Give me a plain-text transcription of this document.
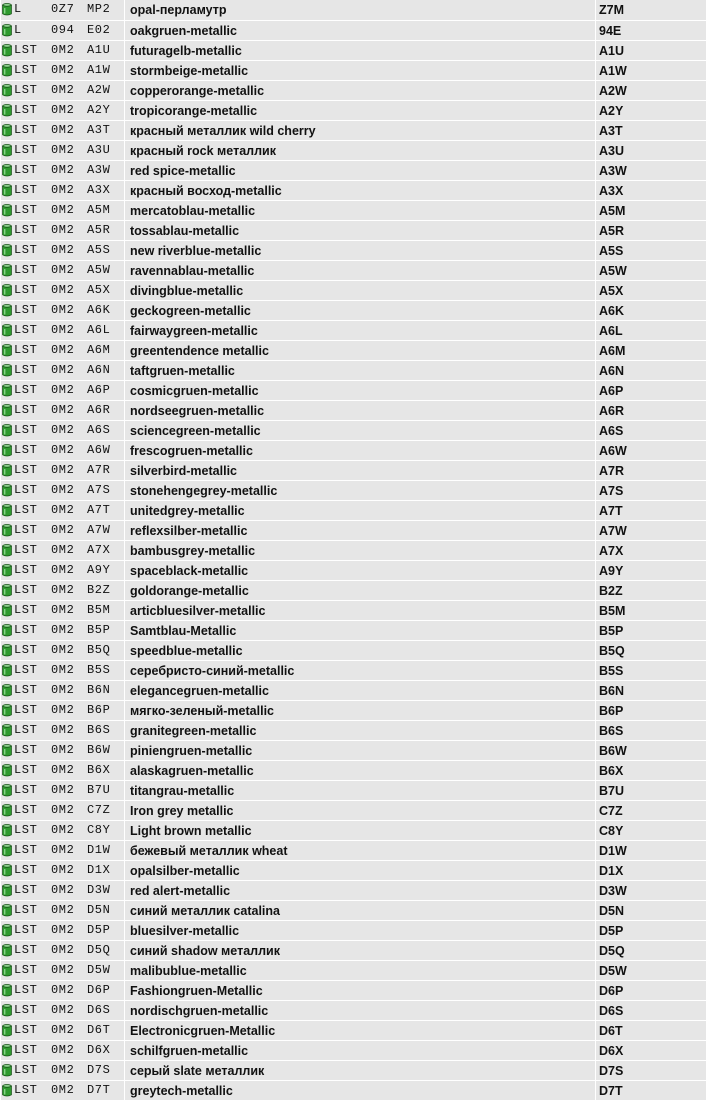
L 0Z7 MP2	opal-перламутр	Z7M

L 094 E02	oakgruen-metallic	94E

LST 0M2 A1U	futuragelb-metallic	A1U

LST 0M2 A1W	stormbeige-metallic	A1W

LST 0M2 A2W	copperorange-metallic	A2W

LST 0M2 A2Y	tropicorange-metallic	A2Y

LST 0M2 A3T	красный металлик wild cherry	A3T

LST 0M2 A3U	красный rock металлик	A3U

LST 0M2 A3W	red spice-metallic	A3W

LST 0M2 A3X	красный восход-metallic	A3X

LST 0M2 A5M	mercatoblau-metallic	A5M

LST 0M2 A5R	tossablau-metallic	A5R

LST 0M2 A5S	new riverblue-metallic	A5S

LST 0M2 A5W	ravennablau-metallic	A5W

LST 0M2 A5X	divingblue-metallic	A5X

LST 0M2 A6K	geckogreen-metallic	A6K

LST 0M2 A6L	fairwaygreen-metallic	A6L

LST 0M2 A6M	greentendence metallic	A6M

LST 0M2 A6N	taftgruen-metallic	A6N

LST 0M2 A6P	cosmicgruen-metallic	A6P

LST 0M2 A6R	nordseegruen-metallic	A6R

LST 0M2 A6S	sciencegreen-metallic	A6S

LST 0M2 A6W	frescogruen-metallic	A6W

LST 0M2 A7R	silverbird-metallic	A7R

LST 0M2 A7S	stonehengegrey-metallic	A7S

LST 0M2 A7T	unitedgrey-metallic	A7T

LST 0M2 A7W	reflexsilber-metallic	A7W

LST 0M2 A7X	bambusgrey-metallic	A7X

LST 0M2 A9Y	spaceblack-metallic	A9Y

LST 0M2 B2Z	goldorange-metallic	B2Z

LST 0M2 B5M	articbluesilver-metallic	B5M

LST 0M2 B5P	Samtblau-Metallic	B5P

LST 0M2 B5Q	speedblue-metallic	B5Q

LST 0M2 B5S	серебристо-синий-metallic	B5S

LST 0M2 B6N	elegancegruen-metallic	B6N

LST 0M2 B6P	мягко-зеленый-metallic	B6P

LST 0M2 B6S	granitegreen-metallic	B6S

LST 0M2 B6W	piniengruen-metallic	B6W

LST 0M2 B6X	alaskagruen-metallic	B6X

LST 0M2 B7U	titangrau-metallic	B7U

LST 0M2 C7Z	Iron grey metallic	C7Z

LST 0M2 C8Y	Light brown metallic	C8Y

LST 0M2 D1W	бежевый металлик wheat	D1W

LST 0M2 D1X	opalsilber-metallic	D1X

LST 0M2 D3W	red alert-metallic	D3W

LST 0M2 D5N	синий металлик catalina	D5N

LST 0M2 D5P	bluesilver-metallic	D5P

LST 0M2 D5Q	синий shadow металлик	D5Q

LST 0M2 D5W	malibublue-metallic	D5W

LST 0M2 D6P	Fashiongruen-Metallic	D6P

LST 0M2 D6S	nordischgruen-metallic	D6S

LST 0M2 D6T	Electronicgruen-Metallic	D6T

LST 0M2 D6X	schilfgruen-metallic	D6X

LST 0M2 D7S	серый slate металлик	D7S

LST 0M2 D7T	greytech-metallic	D7T
